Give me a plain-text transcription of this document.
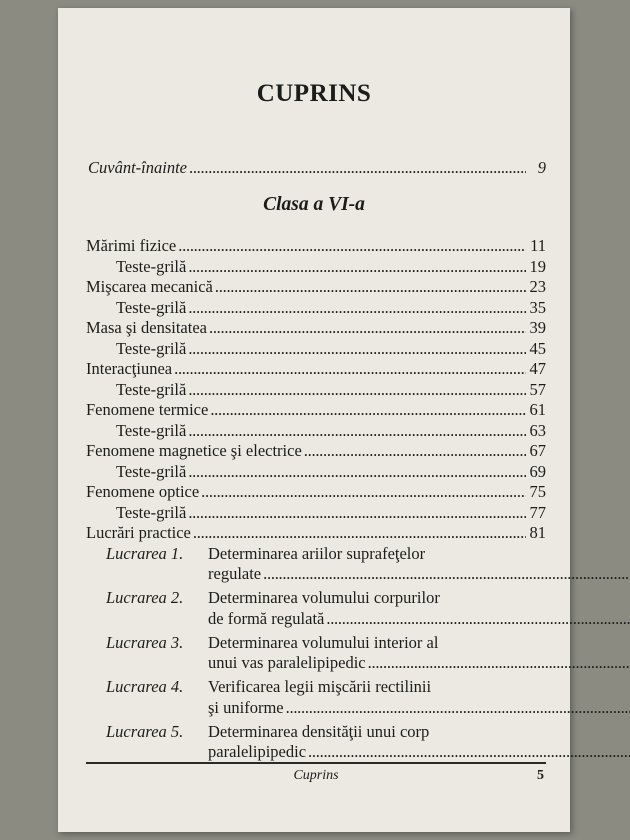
CUPRINS
Cuvânt-înainte . . .	9
Clasa a VI-a
Mărimi fizice . . .	11
Teste-grilă . . .	19
Mişcarea mecanică . . .	23
Teste-grilă . . .	35
Masa şi densitatea . . .	39
Teste-grilă . . .	45
Interacţiunea . . .	47
Teste-grilă . . .	57
Fenomene termice . . .	61
Teste-grilă . . .	63
Fenomene magnetice şi electrice . . .	67
Teste-grilă . . .	69
Fenomene optice . . .	75
Teste-grilă . . .	77
Lucrări practice . . .	81
Lucrarea 1.	Determinarea ariilor suprafeţelor
regulate
. . .
Lucrarea 2.	Determinarea volumului corpurilor
de formă regulată
. . .
Lucrarea 3.	Determinarea volumului interior al
unui vas paralelipipedic
. . .
Lucrarea 4.	Verificarea legii mişcării rectilinii
şi uniforme
. . .
Lucrarea 5.	Determinarea densităţii unui corp
paralelipipedic
. . .
Cuprins	5
